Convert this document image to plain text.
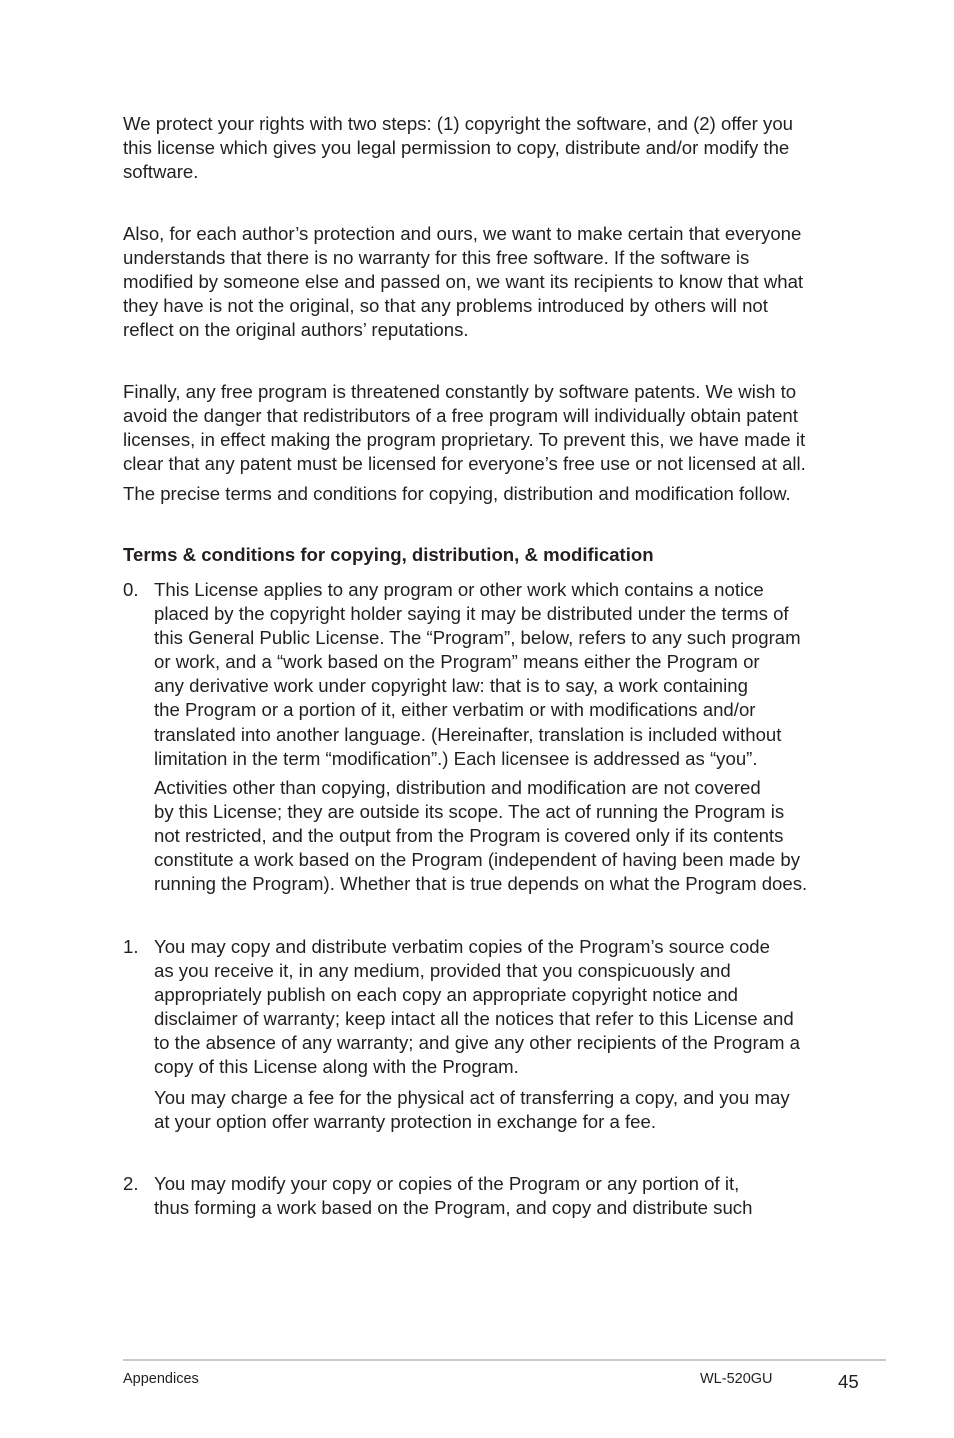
We protect your rights with two steps: (1) copyright the software, and (2) offer you
this license which gives you legal permission to copy, distribute and/or modify the
software.

Also, for each author’s protection and ours, we want to make certain that everyone
understands that there is no warranty for this free software. If the software is
modified by someone else and passed on, we want its recipients to know that what
they have is not the original, so that any problems introduced by others will not
reflect on the original authors’ reputations.

Finally, any free program is threatened constantly by software patents. We wish to
avoid the danger that redistributors of a free program will individually obtain patent
licenses, in effect making the program proprietary. To prevent this, we have made it
clear that any patent must be licensed for everyone’s free use or not licensed at all.

The precise terms and conditions for copying, distribution and modification follow.

Terms & conditions for copying, distribution, & modification

0. This License applies to any program or other work which contains a notice
placed by the copyright holder saying it may be distributed under the terms of
this General Public License. The “Program”, below, refers to any such program
or work, and a “work based on the Program” means either the Program or
any derivative work under copyright law: that is to say, a work containing
the Program or a portion of it, either verbatim or with modifications and/or
translated into another language. (Hereinafter, translation is included without
limitation in the term “modification”.) Each licensee is addressed as “you”.

Activities other than copying, distribution and modification are not covered
by this License; they are outside its scope. The act of running the Program is
not restricted, and the output from the Program is covered only if its contents
constitute a work based on the Program (independent of having been made by
running the Program). Whether that is true depends on what the Program does.

1. You may copy and distribute verbatim copies of the Program’s source code
as you receive it, in any medium, provided that you conspicuously and
appropriately publish on each copy an appropriate copyright notice and
disclaimer of warranty; keep intact all the notices that refer to this License and
to the absence of any warranty; and give any other recipients of the Program a
copy of this License along with the Program.

You may charge a fee for the physical act of transferring a copy, and you may
at your option offer warranty protection in exchange for a fee.

2. You may modify your copy or copies of the Program or any portion of it,
thus forming a work based on the Program, and copy and distribute such

Appendices	WL-520GU	45
